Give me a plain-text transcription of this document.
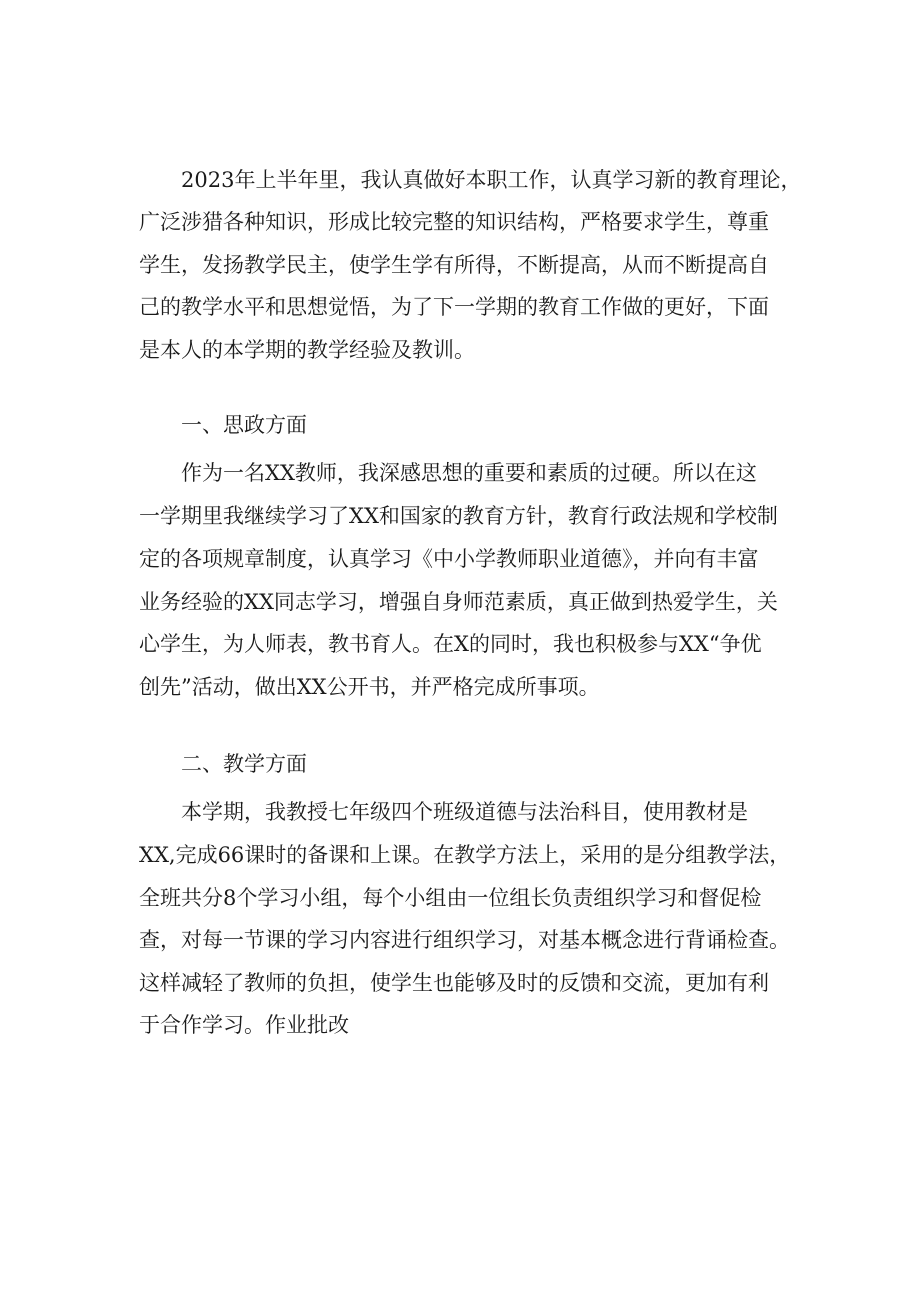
2023年上半年里，我认真做好本职工作，认真学习新的教育理论，

广泛涉猎各种知识，形成比较完整的知识结构，严格要求学生，尊重

学生，发扬教学民主，使学生学有所得，不断提高，从而不断提高自

己的教学水平和思想觉悟，为了下一学期的教育工作做的更好，下面

是本人的本学期的教学经验及教训。

一、思政方面

作为一名XX教师，我深感思想的重要和素质的过硬。所以在这

一学期里我继续学习了XX和国家的教育方针，教育行政法规和学校制

定的各项规章制度，认真学习《中小学教师职业道德》，并向有丰富

业务经验的XX同志学习，增强自身师范素质，真正做到热爱学生，关

心学生，为人师表，教书育人。在X的同时，我也积极参与XX“争优

创先”活动，做出XX公开书，并严格完成所事项。

二、教学方面

本学期，我教授七年级四个班级道德与法治科目，使用教材是

XX,完成66课时的备课和上课。在教学方法上，采用的是分组教学法，

全班共分8个学习小组，每个小组由一位组长负责组织学习和督促检

查，对每一节课的学习内容进行组织学习，对基本概念进行背诵检查。

这样减轻了教师的负担，使学生也能够及时的反馈和交流，更加有利

于合作学习。作业批改
